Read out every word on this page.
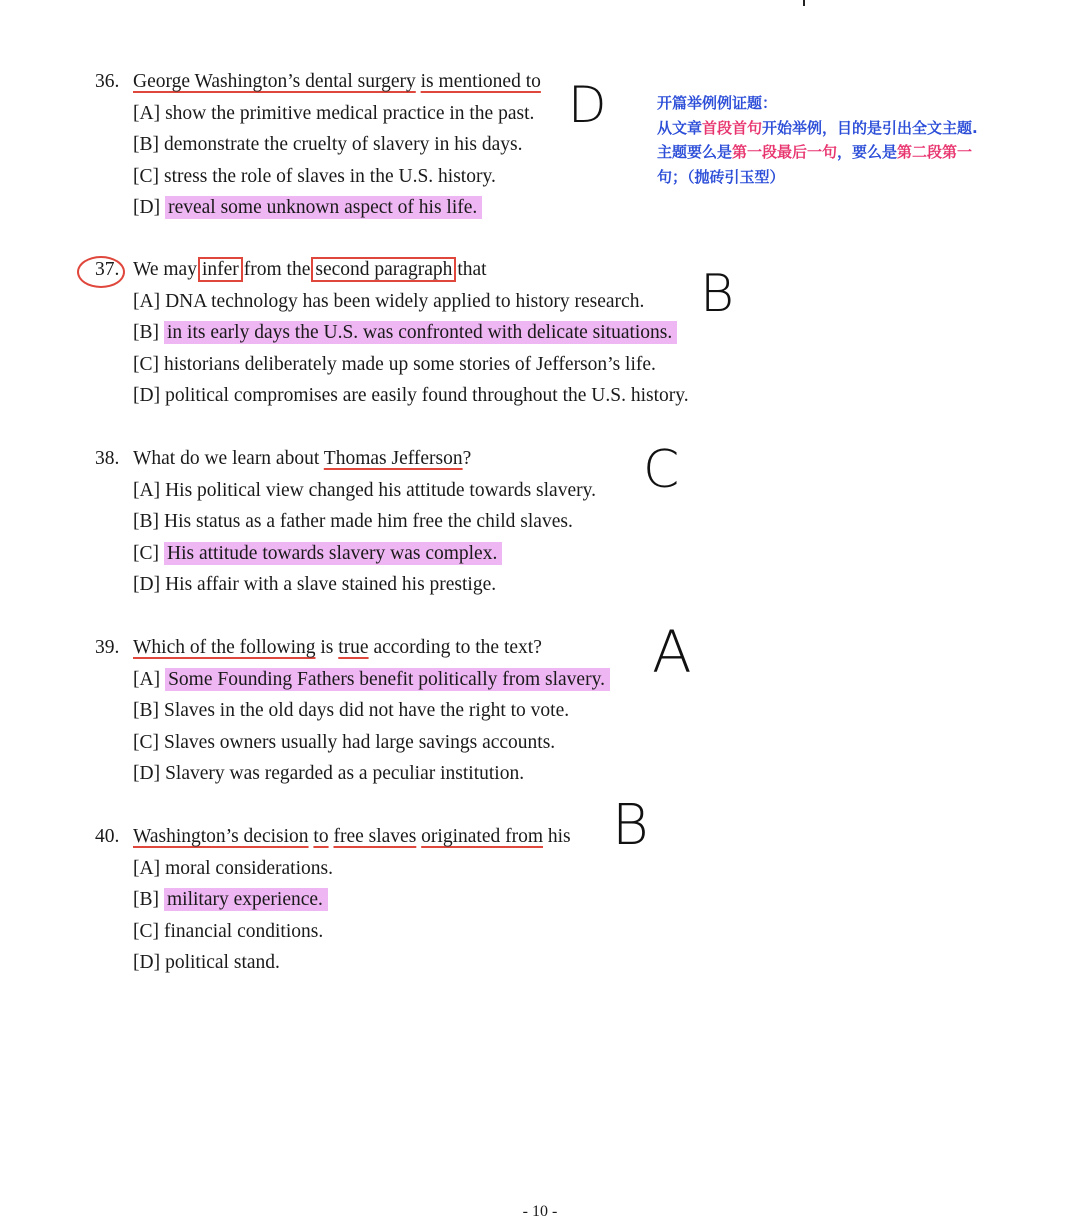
36. George Washington’s dental surgery is mentioned to
[A] show the primitive medical practice in the past.
[B] demonstrate the cruelty of slavery in his days.
[C] stress the role of slaves in the U.S. history.
[D] reveal some unknown aspect of his life.
D	开篇举例例证题：
从文章首段首句开始举例，目的是引出全文主题.
主题要么是第一段最后一句，要么是第二段第一
句；（抛砖引玉型）
37. We may infer from the second paragraph that
[A] DNA technology has been widely applied to history research.
[B] in its early days the U.S. was confronted with delicate situations.
[C] historians deliberately made up some stories of Jefferson’s life.
[D] political compromises are easily found throughout the U.S. history.
B
38. What do we learn about Thomas Jefferson?
[A] His political view changed his attitude towards slavery.
[B] His status as a father made him free the child slaves.
[C] His attitude towards slavery was complex.
[D] His affair with a slave stained his prestige.
C
39. Which of the following is true according to the text?
[A] Some Founding Fathers benefit politically from slavery.
[B] Slaves in the old days did not have the right to vote.
[C] Slaves owners usually had large savings accounts.
[D] Slavery was regarded as a peculiar institution.
A
40. Washington’s decision to free slaves originated from his
[A] moral considerations.
[B] military experience.
[C] financial conditions.
[D] political stand.
B
- 10 -
